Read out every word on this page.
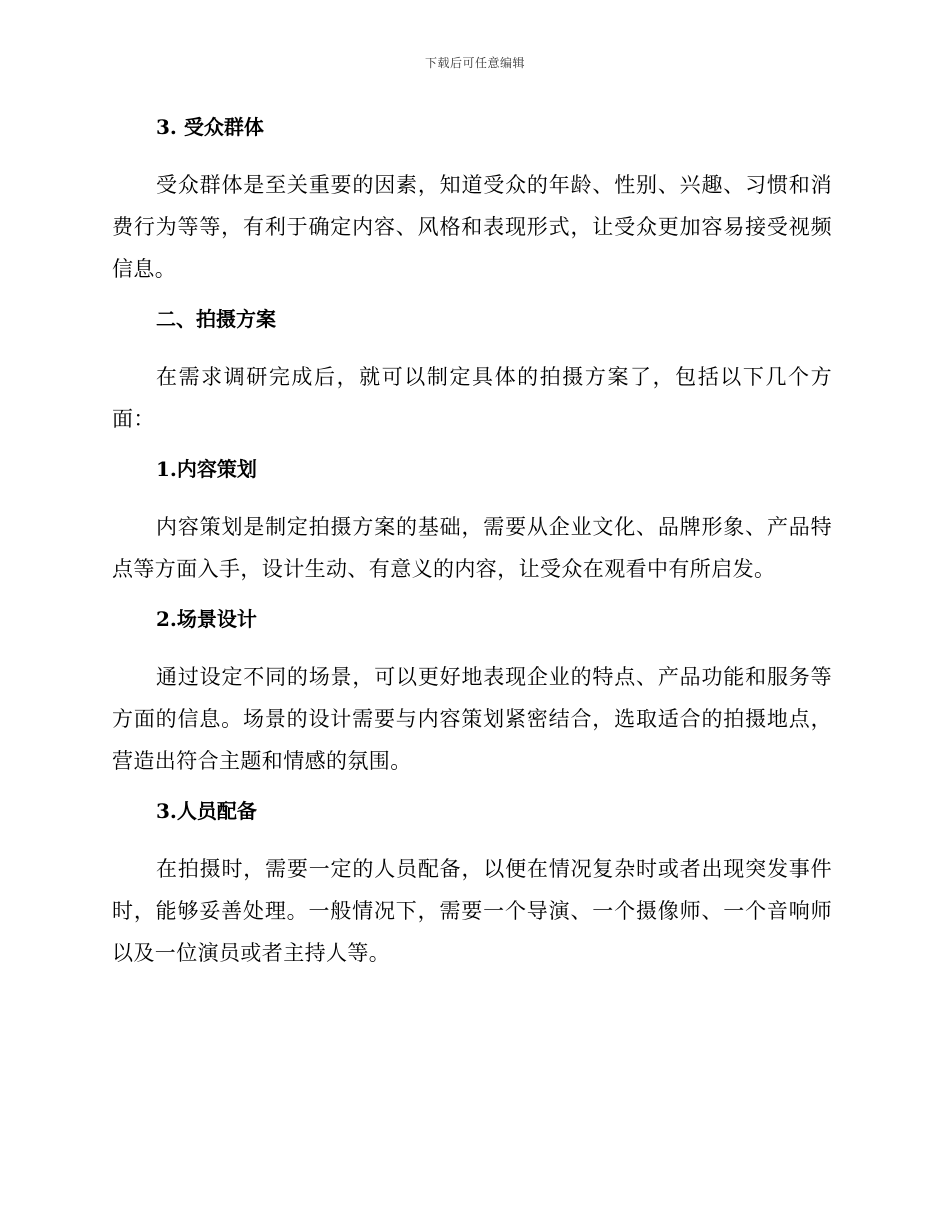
下载后可任意编辑

3. 受众群体

受众群体是至关重要的因素，知道受众的年龄、性别、兴趣、习惯和消费行为等等，有利于确定内容、风格和表现形式，让受众更加容易接受视频信息。

二、拍摄方案

在需求调研完成后，就可以制定具体的拍摄方案了，包括以下几个方面：

1.内容策划

内容策划是制定拍摄方案的基础，需要从企业文化、品牌形象、产品特点等方面入手，设计生动、有意义的内容，让受众在观看中有所启发。

2.场景设计

通过设定不同的场景，可以更好地表现企业的特点、产品功能和服务等方面的信息。场景的设计需要与内容策划紧密结合，选取适合的拍摄地点，营造出符合主题和情感的氛围。

3.人员配备

在拍摄时，需要一定的人员配备，以便在情况复杂时或者出现突发事件时，能够妥善处理。一般情况下，需要一个导演、一个摄像师、一个音响师以及一位演员或者主持人等。
